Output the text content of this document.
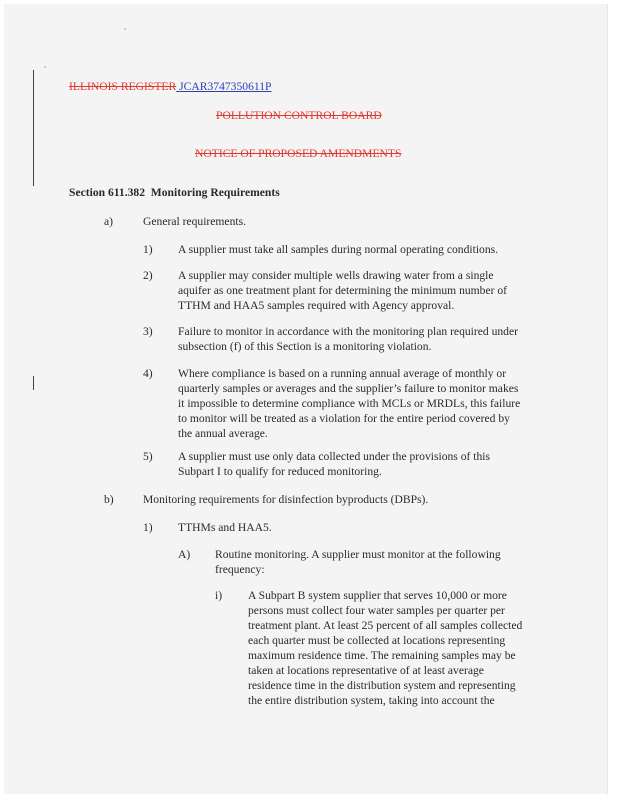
ILLINOIS REGISTER JCAR3747350611P
POLLUTION CONTROL BOARD
NOTICE OF PROPOSED AMENDMENTS
Section 611.382  Monitoring Requirements
a)	General requirements.
1) A supplier must take all samples during normal operating conditions.
2) A supplier may consider multiple wells drawing water from a single
aquifer as one treatment plant for determining the minimum number of
TTHM and HAA5 samples required with Agency approval.
3) Failure to monitor in accordance with the monitoring plan required under
subsection (f) of this Section is a monitoring violation.
4) Where compliance is based on a running annual average of monthly or
quarterly samples or averages and the supplier’s failure to monitor makes
it impossible to determine compliance with MCLs or MRDLs, this failure
to monitor will be treated as a violation for the entire period covered by
the annual average.
5) A supplier must use only data collected under the provisions of this
Subpart I to qualify for reduced monitoring.
b)	Monitoring requirements for disinfection byproducts (DBPs).
1) TTHMs and HAA5.
A) Routine monitoring. A supplier must monitor at the following
frequency:
i) A Subpart B system supplier that serves 10,000 or more
persons must collect four water samples per quarter per
treatment plant. At least 25 percent of all samples collected
each quarter must be collected at locations representing
maximum residence time. The remaining samples may be
taken at locations representative of at least average
residence time in the distribution system and representing
the entire distribution system, taking into account the
